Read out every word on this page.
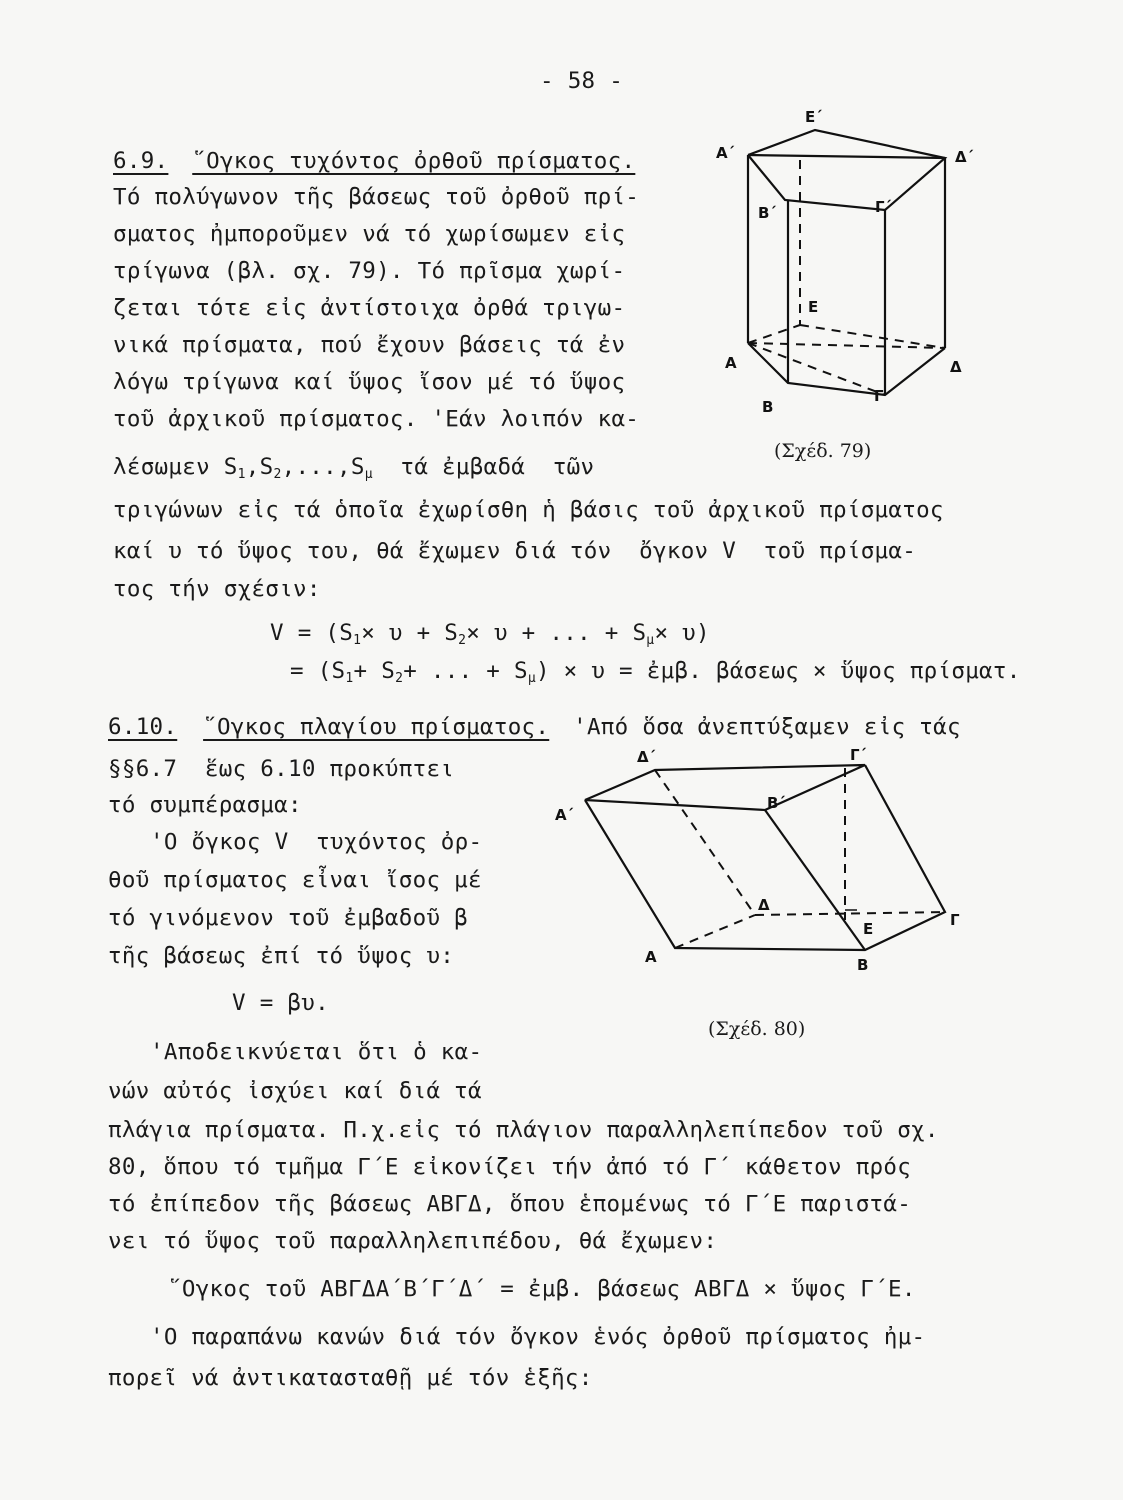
- 58 -
6.9. ῞Ογκος τυχόντος ὀρθοῦ πρίσματος.
Τό πολύγωνον τῆς βάσεως τοῦ ὀρθοῦ πρί-
σματος ἠμποροῦμεν νά τό χωρίσωμεν εἰς
τρίγωνα (βλ. σχ. 79). Τό πρῖσμα χωρί-
ζεται τότε εἰς ἀντίστοιχα ὀρθά τριγω-
νικά πρίσματα, πού ἔχουν βάσεις τά ἐν
λόγω τρίγωνα καί ὕψος ἴσον μέ τό ὕψος
τοῦ ἀρχικοῦ πρίσματος. 'Εάν λοιπόν κα-
λέσωμεν $S_1,S_2,...,S_\mu$  τά ἐμβαδά  τῶν
τριγώνων εἰς τά ὁποῖα ἐχωρίσθη ἡ βάσις τοῦ ἀρχικοῦ πρίσματος
καί υ τό ὕψος του, θά ἔχωμεν διά τόν  ὄγκον V  τοῦ πρίσμα-
τος τήν σχέσιν:
$V = (S_1\times \upsilon + S_2\times \upsilon$ + ... + $S_\mu\times \upsilon$)
= ($S_1+ S_2+$ ... + $S_\mu) \times \upsilon$ = ἐμβ. βάσεως × ὕψος πρίσματ.
6.10. ῞Ογκος πλαγίου πρίσματος. 'Από ὅσα ἀνεπτύξαμεν εἰς τάς
§§6.7  ἕως 6.10 προκύπτει
τό συμπέρασμα:
'Ο ὄγκος V  τυχόντος ὀρ-
θοῦ πρίσματος εἶναι ἴσος μέ
τό γινόμενον τοῦ ἐμβαδοῦ β
τῆς βάσεως ἐπί τό ὕψος υ:
V = βυ.
'Αποδεικνύεται ὅτι ὁ κα-
νών αὐτός ἰσχύει καί διά τά
πλάγια πρίσματα. Π.χ.εἰς τό πλάγιον παραλληλεπίπεδον τοῦ σχ.
80, ὅπου τό τμῆμα Γ΄Ε εἰκονίζει τήν ἀπό τό Γ΄ κάθετον πρός
τό ἐπίπεδον τῆς βάσεως ΑΒΓΔ, ὅπου ἑπομένως τό Γ΄Ε παριστά-
νει τό ὕψος τοῦ παραλληλεπιπέδου, θά ἔχωμεν:
῞Ογκος τοῦ ΑΒΓΔΑ΄Β΄Γ΄Δ΄ = ἐμβ. βάσεως ΑΒΓΔ × ὕψος Γ΄Ε.
'Ο παραπάνω κανών διά τόν ὄγκον ἑνός ὀρθοῦ πρίσματος ἠμ-
πορεῖ νά ἀντικατασταθῇ μέ τόν ἑξῆς:
E΄
A΄	Δ΄
B΄	Γ΄
E
A	Δ
B
Γ
(Σχέδ. 79)
Δ΄	Γ΄
A΄
B΄
Δ
Γ
E
A	B
(Σχέδ. 80)
